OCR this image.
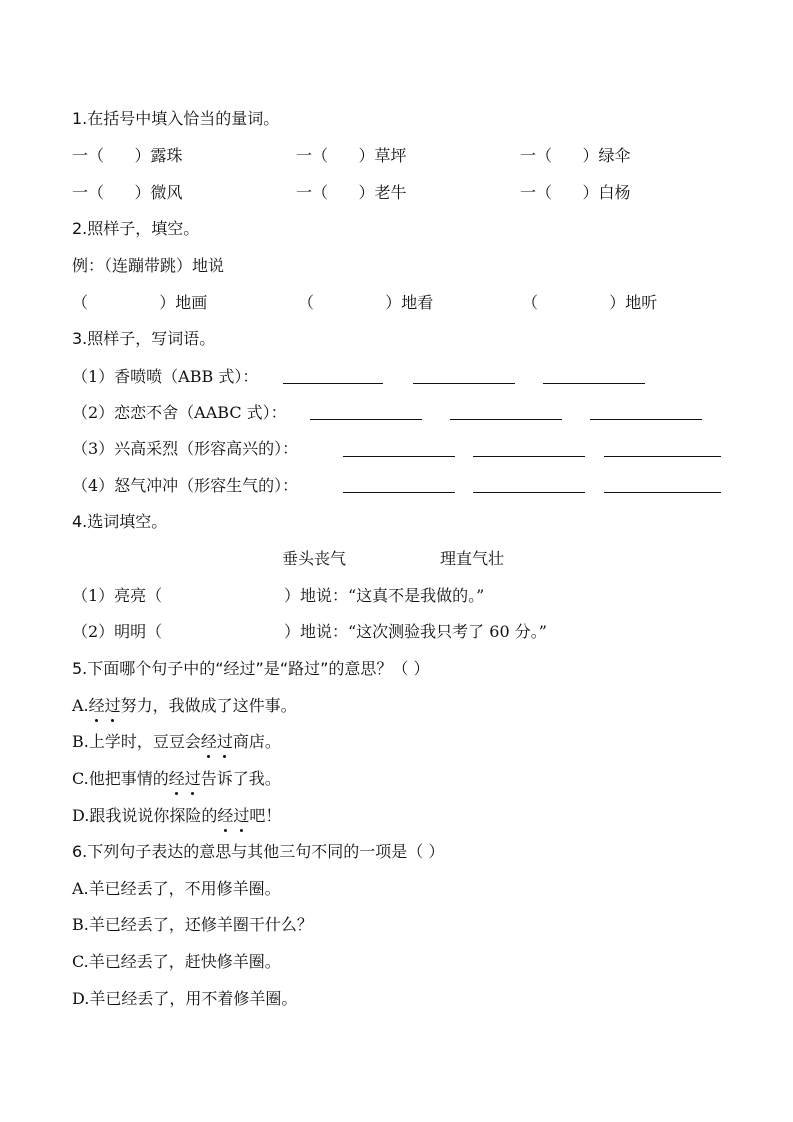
1.在括号中填入恰当的量词。
一（      ）露珠	一（      ）草坪	一（      ）绿伞
一（      ）微风	一（      ）老牛	一（      ）白杨
2.照样子，填空。
例：（连蹦带跳）地说
（              ）地画	（              ）地看	（              ）地听
3.照样子，写词语。
（1）香喷喷（ABB 式）：
（2）恋恋不舍（AABC 式）：
（3）兴高采烈（形容高兴的）：
（4）怒气冲冲（形容生气的）：
4.选词填空。
垂头丧气	理直气壮
（1）亮亮（	）地说：“这真不是我做的。”
（2）明明（	）地说：“这次测验我只考了 60 分。”
5.下面哪个句子中的“经过”是“路过”的意思？（ ）
A.经过努力，我做成了这件事。
B.上学时，豆豆会经过商店。
C.他把事情的经过告诉了我。
D.跟我说说你探险的经过吧！
6.下列句子表达的意思与其他三句不同的一项是（ ）
A.羊已经丢了，不用修羊圈。
B.羊已经丢了，还修羊圈干什么？
C.羊已经丢了，赶快修羊圈。
D.羊已经丢了，用不着修羊圈。
